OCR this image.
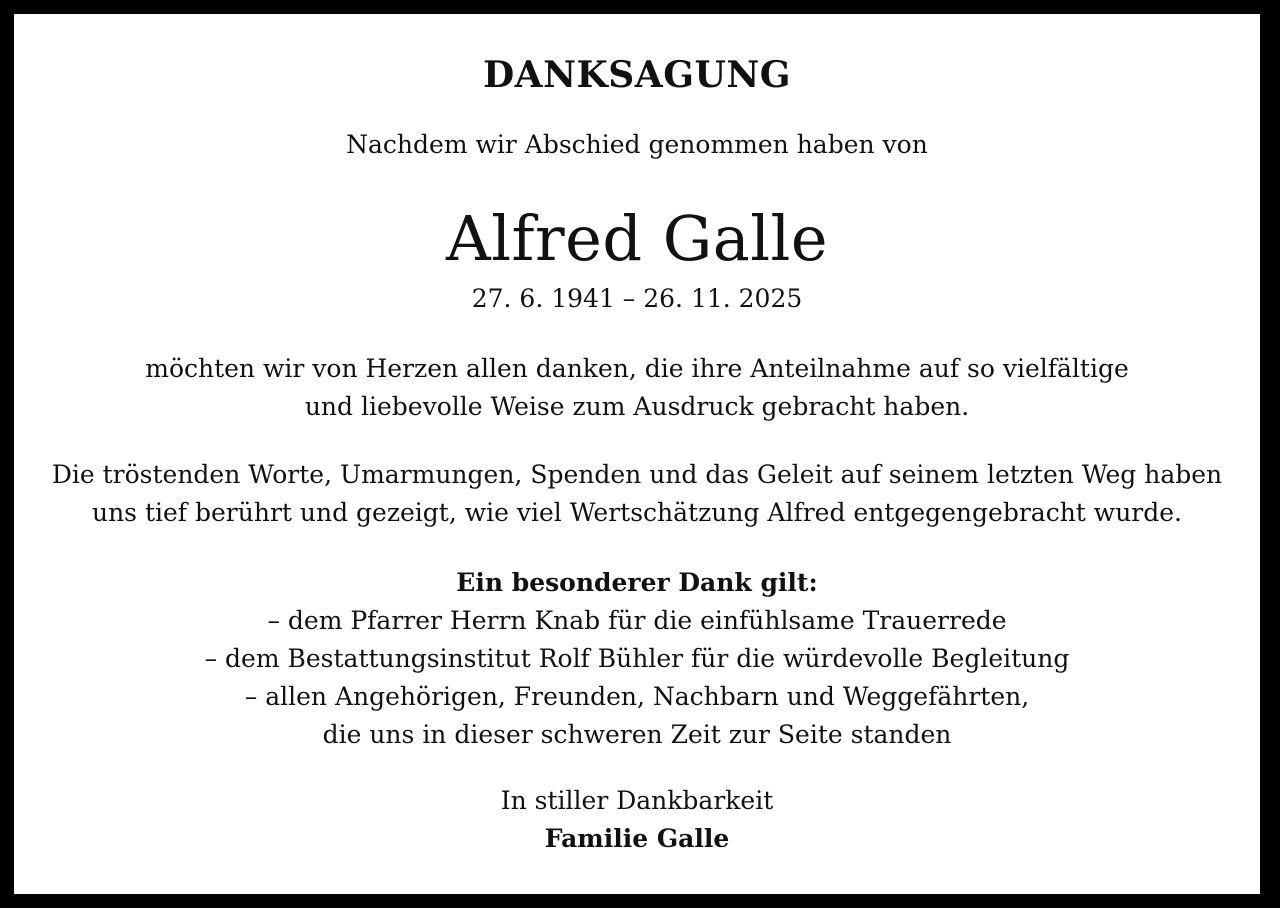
DANKSAGUNG
Nachdem wir Abschied genommen haben von
Alfred Galle
27. 6. 1941 – 26. 11. 2025
möchten wir von Herzen allen danken, die ihre Anteilnahme auf so vielfältige
und liebevolle Weise zum Ausdruck gebracht haben.
Die tröstenden Worte, Umarmungen, Spenden und das Geleit auf seinem letzten Weg haben
uns tief berührt und gezeigt, wie viel Wertschätzung Alfred entgegengebracht wurde.
Ein besonderer Dank gilt:
– dem Pfarrer Herrn Knab für die einfühlsame Trauerrede
– dem Bestattungsinstitut Rolf Bühler für die würdevolle Begleitung
– allen Angehörigen, Freunden, Nachbarn und Weggefährten,
die uns in dieser schweren Zeit zur Seite standen
In stiller Dankbarkeit
Familie Galle
